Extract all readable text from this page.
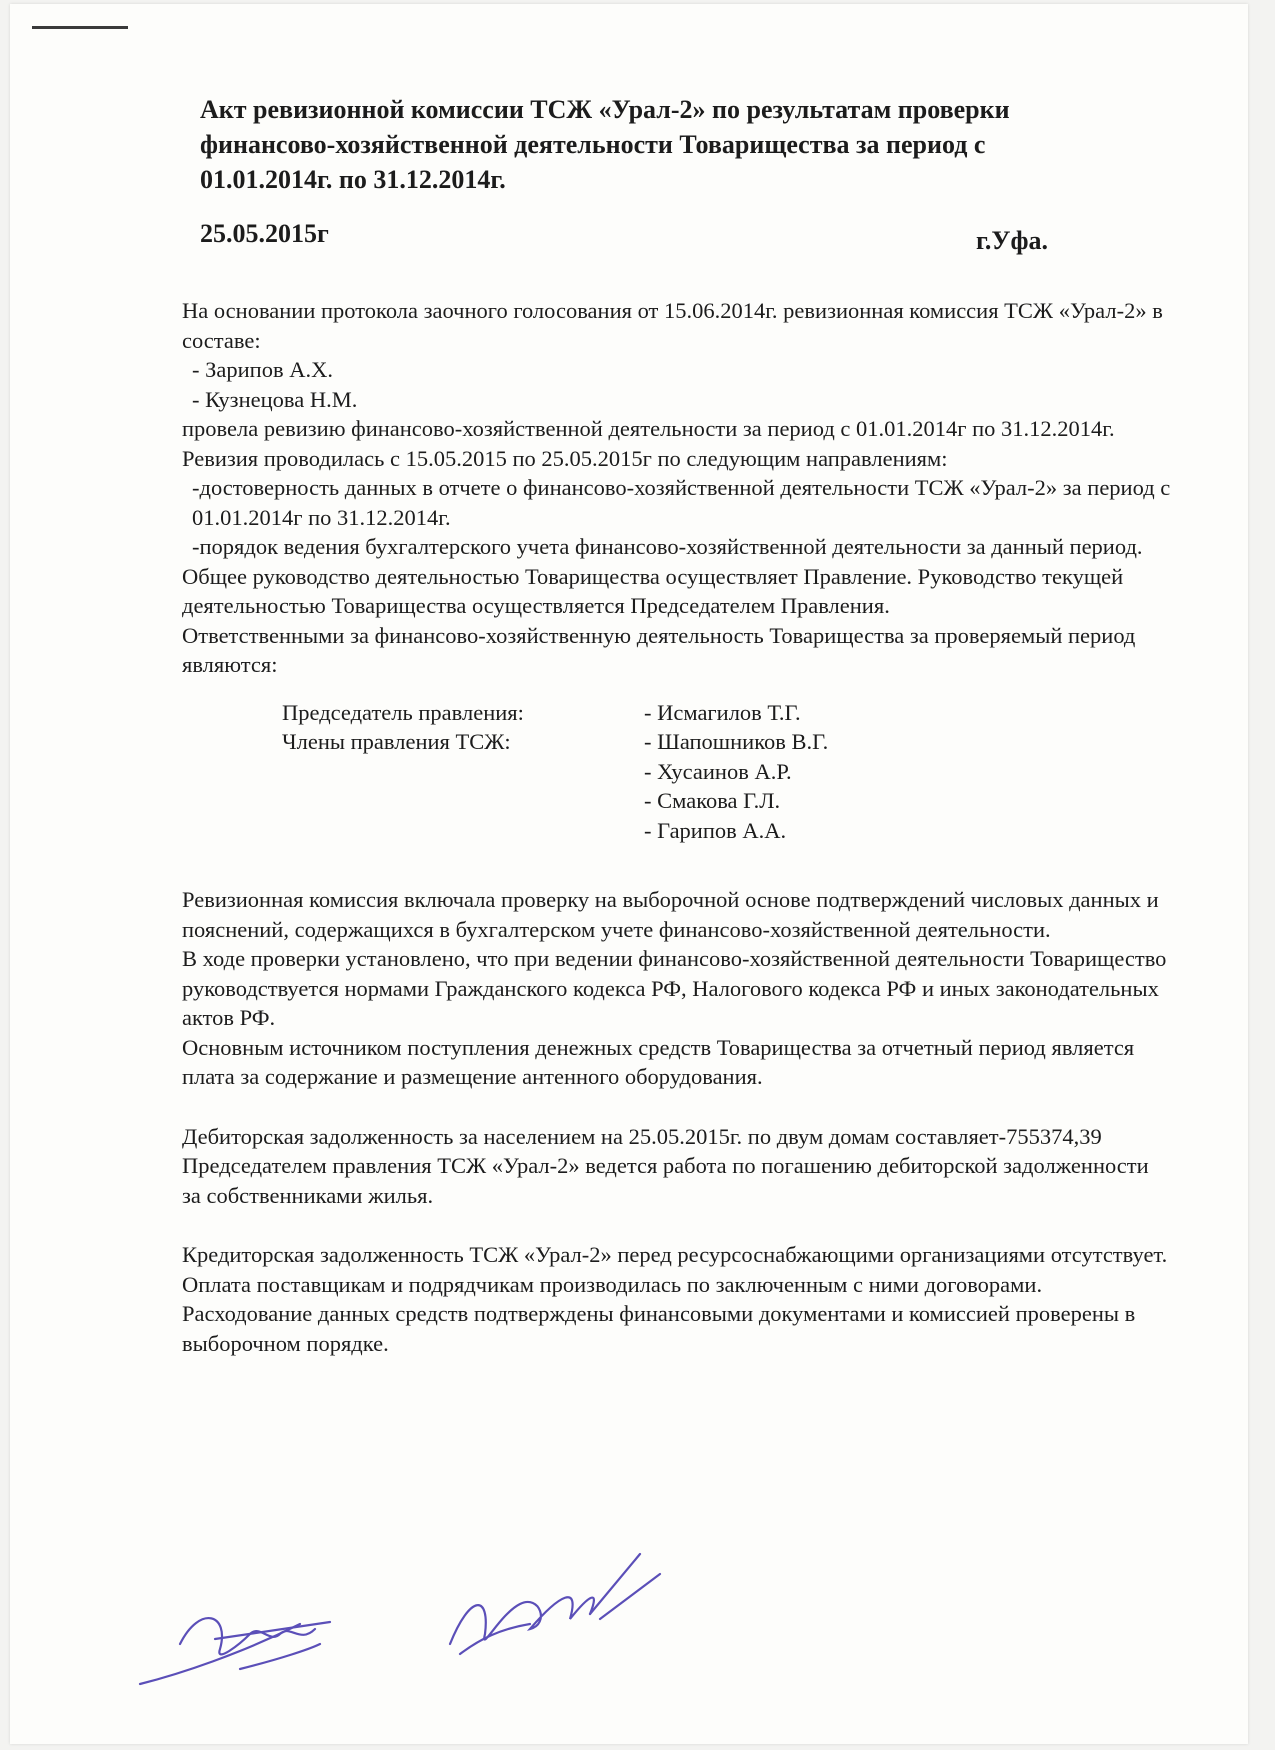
Акт ревизионной комиссии ТСЖ «Урал-2» по результатам проверки финансово-хозяйственной деятельности Товарищества за период с 01.01.2014г. по 31.12.2014г.
25.05.2015г	г.Уфа.

На основании протокола заочного голосования от 15.06.2014г. ревизионная комиссия ТСЖ «Урал-2» в составе:

- Зарипов А.Х.

- Кузнецова Н.М.

провела ревизию финансово-хозяйственной деятельности за период с 01.01.2014г по 31.12.2014г.

Ревизия проводилась с 15.05.2015 по 25.05.2015г по следующим направлениям:

-достоверность данных в отчете о финансово-хозяйственной деятельности ТСЖ «Урал-2» за период с 01.01.2014г по 31.12.2014г.

-порядок ведения бухгалтерского учета финансово-хозяйственной деятельности за данный период.

Общее руководство деятельностью Товарищества осуществляет Правление. Руководство текущей деятельностью Товарищества осуществляется Председателем Правления.

Ответственными за финансово-хозяйственную деятельность Товарищества за проверяемый период являются:

Председатель правления:	- Исмагилов Т.Г.
Члены правления ТСЖ:	- Шапошников В.Г.
- Хусаинов А.Р.
- Смакова Г.Л.
- Гарипов А.А.

Ревизионная комиссия включала проверку на выборочной основе подтверждений числовых данных и пояснений, содержащихся в бухгалтерском учете финансово-хозяйственной деятельности.

В ходе проверки установлено, что при ведении финансово-хозяйственной деятельности Товарищество руководствуется нормами Гражданского кодекса РФ, Налогового кодекса РФ и иных законодательных актов РФ.

Основным источником поступления денежных средств Товарищества за отчетный период является плата за содержание и размещение антенного оборудования.

Дебиторская задолженность за населением на 25.05.2015г. по двум домам составляет-755374,39

Председателем правления ТСЖ «Урал-2» ведется работа по погашению дебиторской задолженности за собственниками жилья.

Кредиторская задолженность ТСЖ «Урал-2» перед ресурсоснабжающими организациями отсутствует.

Оплата поставщикам и подрядчикам производилась по заключенным с ними договорами. Расходование данных средств подтверждены финансовыми документами и комиссией проверены в выборочном порядке.
